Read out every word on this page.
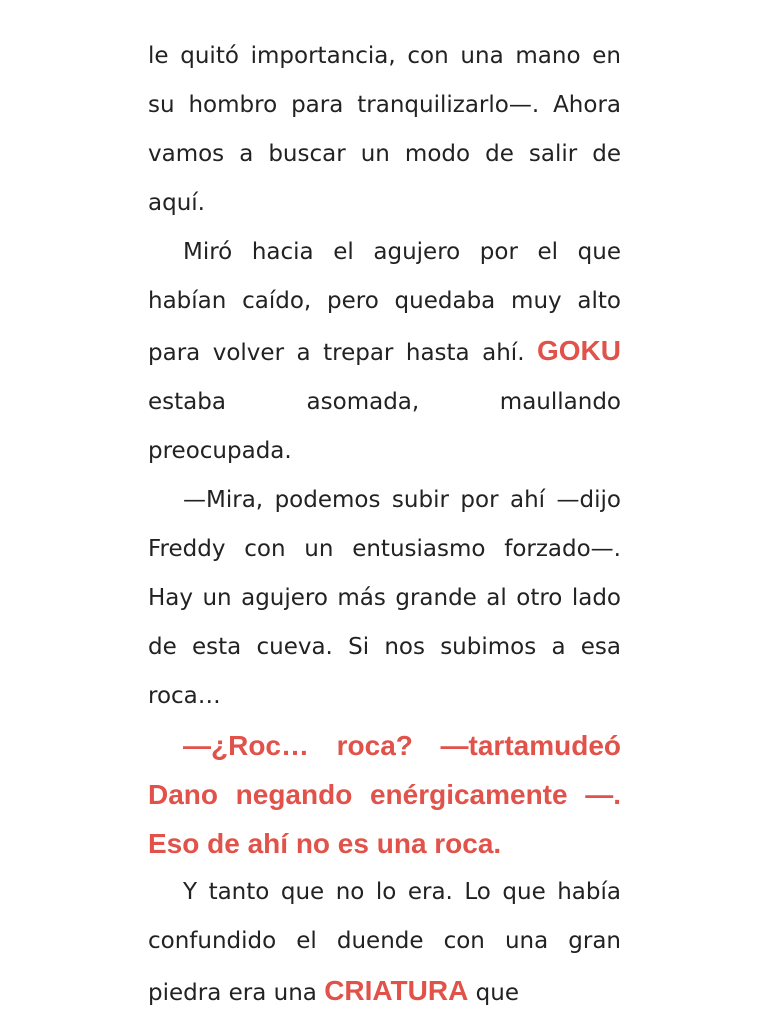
le quitó importancia, con una mano en su hombro para tranquilizarlo—. Ahora vamos a buscar un modo de salir de aquí.

Miró hacia el agujero por el que habían caído, pero quedaba muy alto para volver a trepar hasta ahí. GOKU estaba asomada, maullando preocupada.

—Mira, podemos subir por ahí —dijo Freddy con un entusiasmo forzado—. Hay un agujero más grande al otro lado de esta cueva. Si nos subimos a esa roca…

—¿Roc… roca? —tartamudeó Dano negando enérgicamente —. Eso de ahí no es una roca.

Y tanto que no lo era. Lo que había confundido el duende con una gran piedra era una CRIATURA que
